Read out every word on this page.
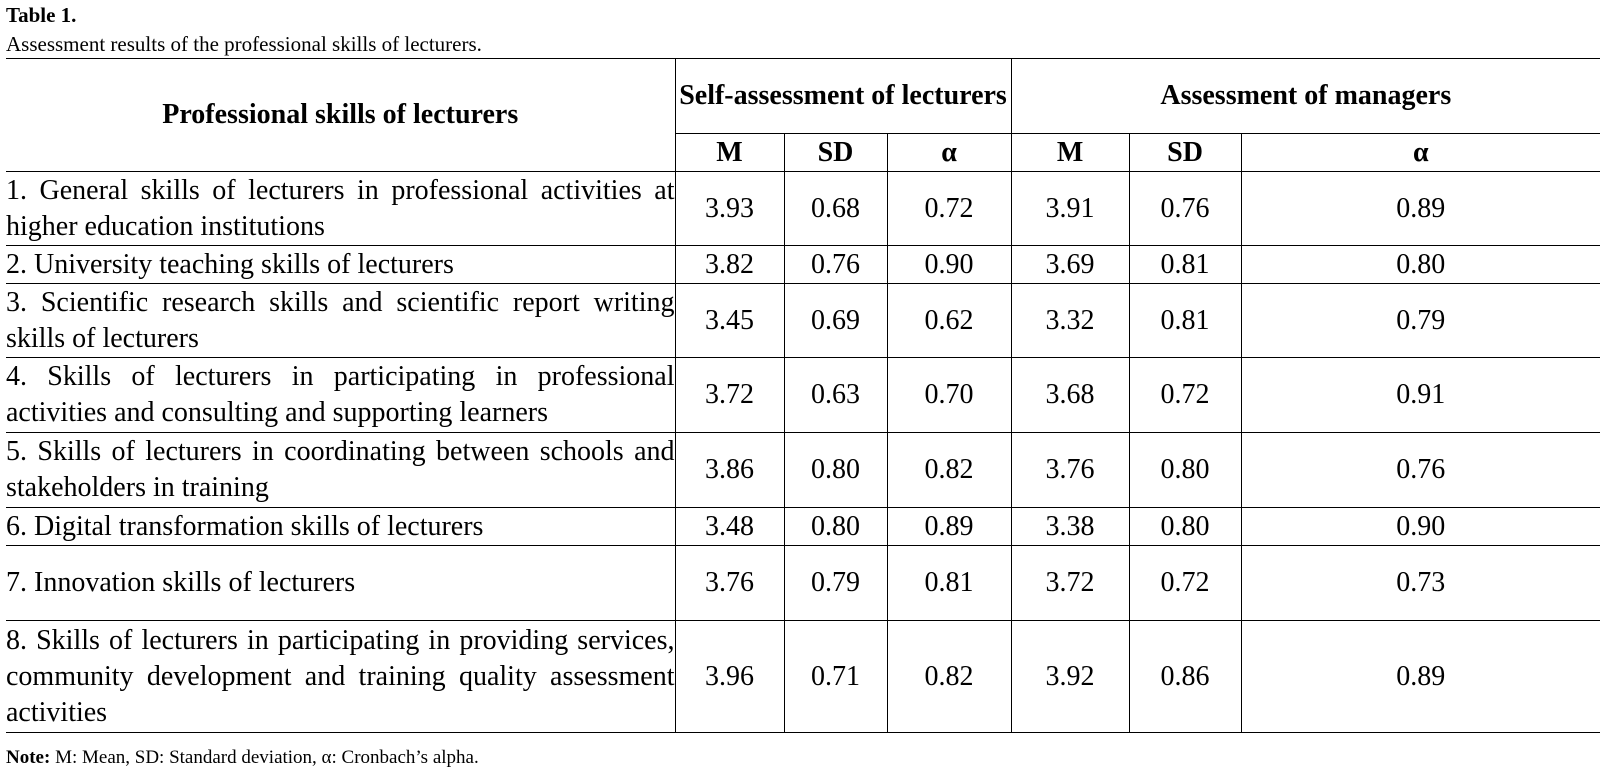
Table 1.
Assessment results of the professional skills of lecturers.
Professional skills of lecturers	Self-assessment of lecturers			Assessment of managers		
	M	SD	α	M	SD	α
1. General skills of lecturers in professional activities at higher education institutions	3.93	0.68	0.72	3.91	0.76	0.89
2. University teaching skills of lecturers	3.82	0.76	0.90	3.69	0.81	0.80
3. Scientific research skills and scientific report writing skills of lecturers	3.45	0.69	0.62	3.32	0.81	0.79
4. Skills of lecturers in participating in professional activities and consulting and supporting learners	3.72	0.63	0.70	3.68	0.72	0.91
5. Skills of lecturers in coordinating between schools and stakeholders in training	3.86	0.80	0.82	3.76	0.80	0.76
6. Digital transformation skills of lecturers	3.48	0.80	0.89	3.38	0.80	0.90
7. Innovation skills of lecturers	3.76	0.79	0.81	3.72	0.72	0.73
8. Skills of lecturers in participating in providing services, community development and training quality assessment activities	3.96	0.71	0.82	3.92	0.86	0.89
Note: M: Mean, SD: Standard deviation, α: Cronbach’s alpha.
